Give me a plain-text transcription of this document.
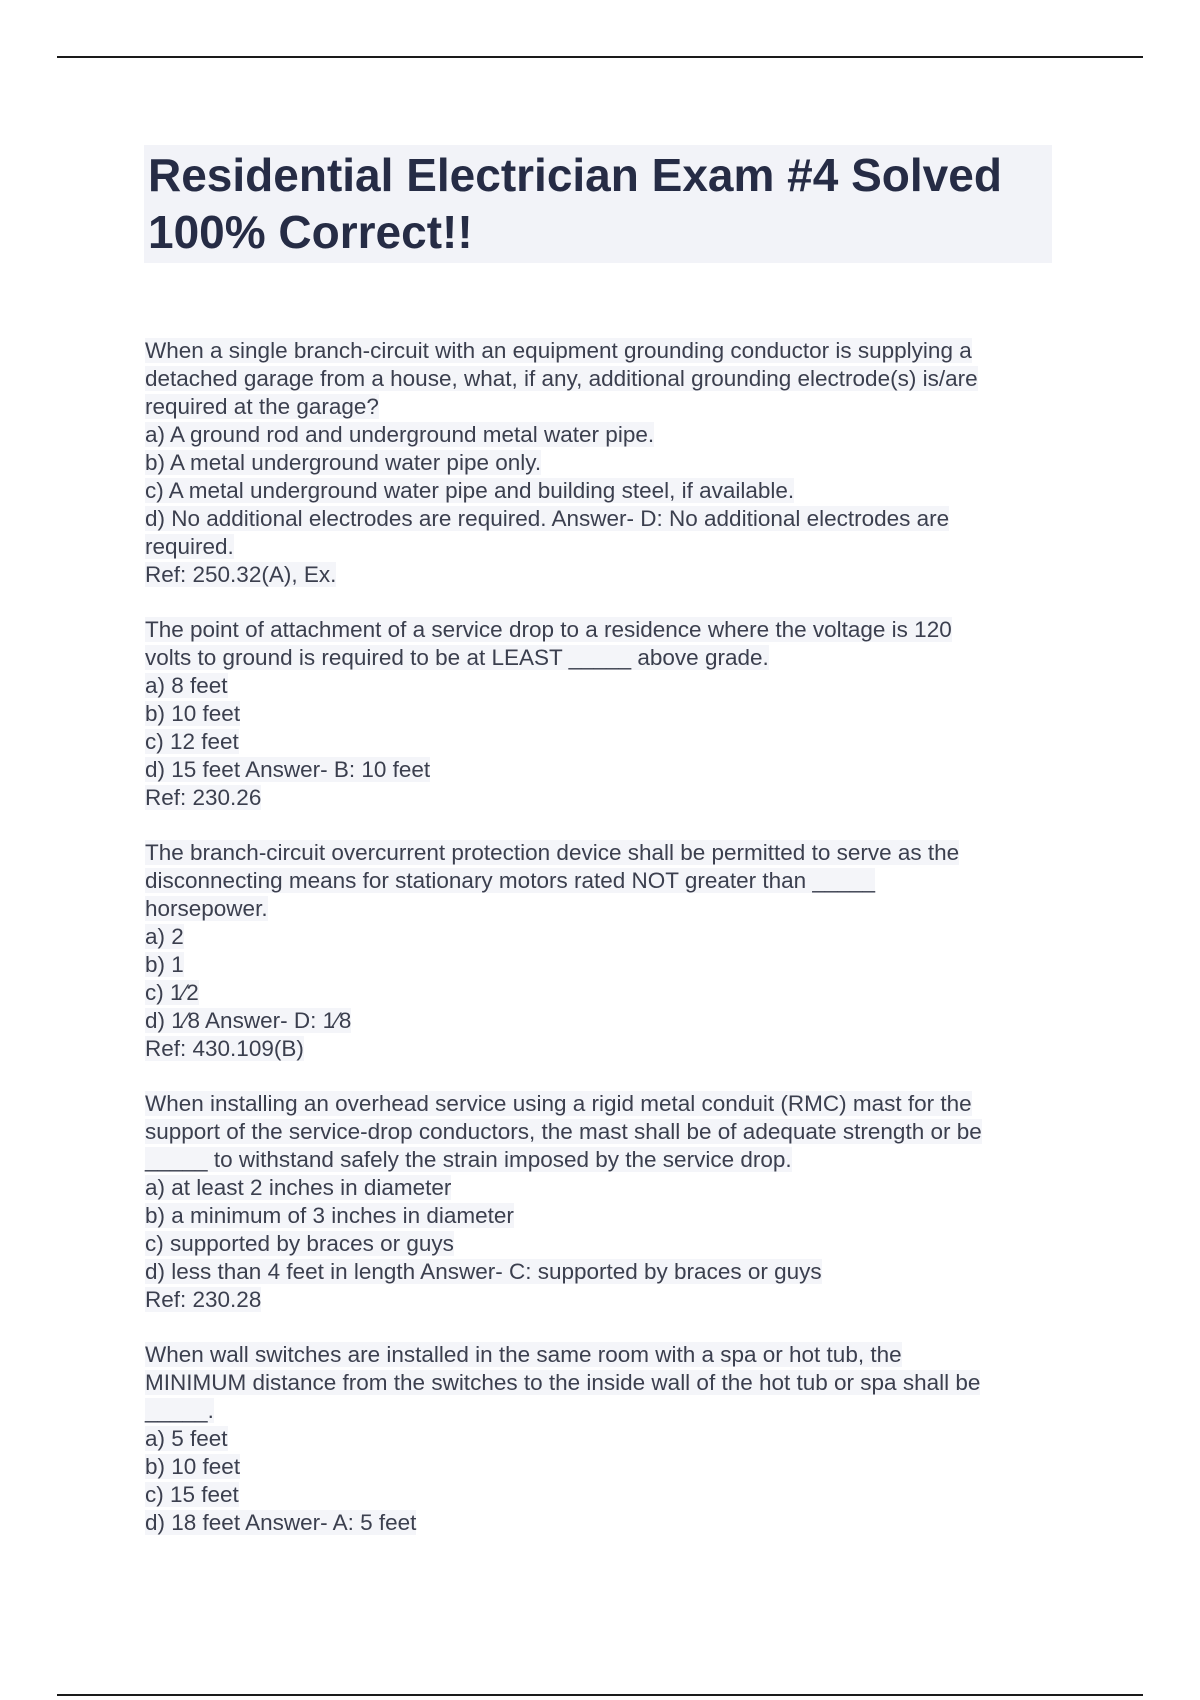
Residential Electrician Exam #4 Solved
100% Correct!!
When a single branch-circuit with an equipment grounding conductor is supplying a
detached garage from a house, what, if any, additional grounding electrode(s) is/are
required at the garage?
a) A ground rod and underground metal water pipe.
b) A metal underground water pipe only.
c) A metal underground water pipe and building steel, if available.
d) No additional electrodes are required. Answer- D: No additional electrodes are
required.
Ref: 250.32(A), Ex.
The point of attachment of a service drop to a residence where the voltage is 120
volts to ground is required to be at LEAST _____ above grade.
a) 8 feet
b) 10 feet
c) 12 feet
d) 15 feet Answer- B: 10 feet
Ref: 230.26
The branch-circuit overcurrent protection device shall be permitted to serve as the
disconnecting means for stationary motors rated NOT greater than _____
horsepower.
a) 2
b) 1
c) 1⁄2
d) 1⁄8 Answer- D: 1⁄8
Ref: 430.109(B)
When installing an overhead service using a rigid metal conduit (RMC) mast for the
support of the service-drop conductors, the mast shall be of adequate strength or be
_____ to withstand safely the strain imposed by the service drop.
a) at least 2 inches in diameter
b) a minimum of 3 inches in diameter
c) supported by braces or guys
d) less than 4 feet in length Answer- C: supported by braces or guys
Ref: 230.28
When wall switches are installed in the same room with a spa or hot tub, the
MINIMUM distance from the switches to the inside wall of the hot tub or spa shall be
_____.
a) 5 feet
b) 10 feet
c) 15 feet
d) 18 feet Answer- A: 5 feet
